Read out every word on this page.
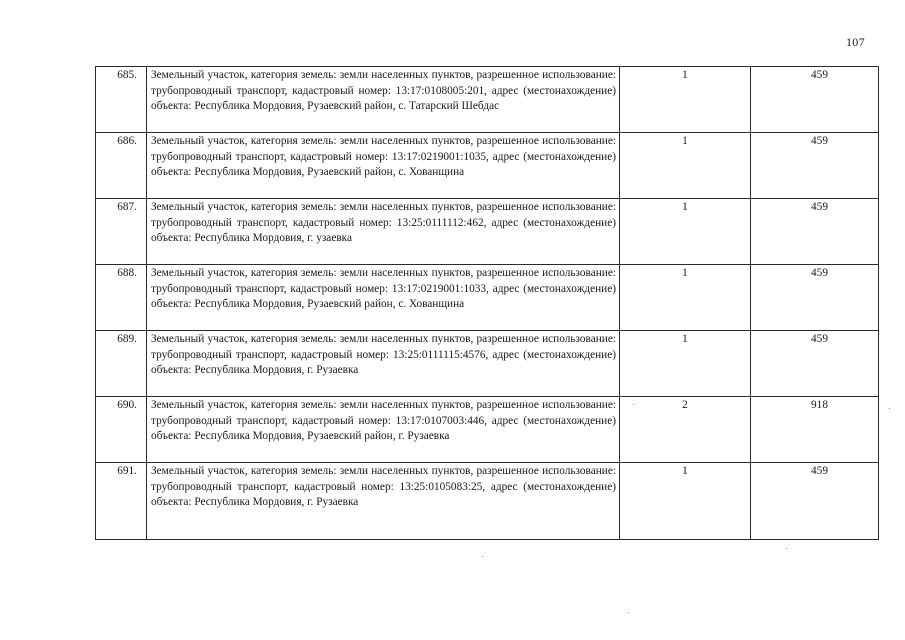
107
685.	Земельный участок, категория земель: земли населенных пунктов, разрешенное использование: трубопроводный транспорт, кадастровый номер: 13:17:0108005:201, адрес (местонахождение) объекта: Республика Мордовия, Рузаевский район, с. Татарский Шебдас	1	459
686.	Земельный участок, категория земель: земли населенных пунктов, разрешенное использование: трубопроводный транспорт, кадастровый номер: 13:17:0219001:1035, адрес (местонахождение) объекта: Республика Мордовия, Рузаевский район, с. Хованщина	1	459
687.	Земельный участок, категория земель: земли населенных пунктов, разрешенное использование: трубопроводный транспорт, кадастровый номер: 13:25:0111112:462, адрес (местонахождение) объекта: Республика Мордовия, г. узаевка	1	459
688.	Земельный участок, категория земель: земли населенных пунктов, разрешенное использование: трубопроводный транспорт, кадастровый номер: 13:17:0219001:1033, адрес (местонахождение) объекта: Республика Мордовия, Рузаевский район, с. Хованщина	1	459
689.	Земельный участок, категория земель: земли населенных пунктов, разрешенное использование: трубопроводный транспорт, кадастровый номер: 13:25:0111115:4576, адрес (местонахождение) объекта: Республика Мордовия, г. Рузаевка	1	459
690.	Земельный участок, категория земель: земли населенных пунктов, разрешенное использование: трубопроводный транспорт, кадастровый номер: 13:17:0107003:446, адрес (местонахождение) объекта: Республика Мордовия, Рузаевский район, г. Рузаевка	2	918
691.	Земельный участок, категория земель: земли населенных пунктов, разрешенное использование: трубопроводный транспорт, кадастровый номер: 13:25:0105083:25, адрес (местонахождение) объекта: Республика Мордовия, г. Рузаевка	1	459
